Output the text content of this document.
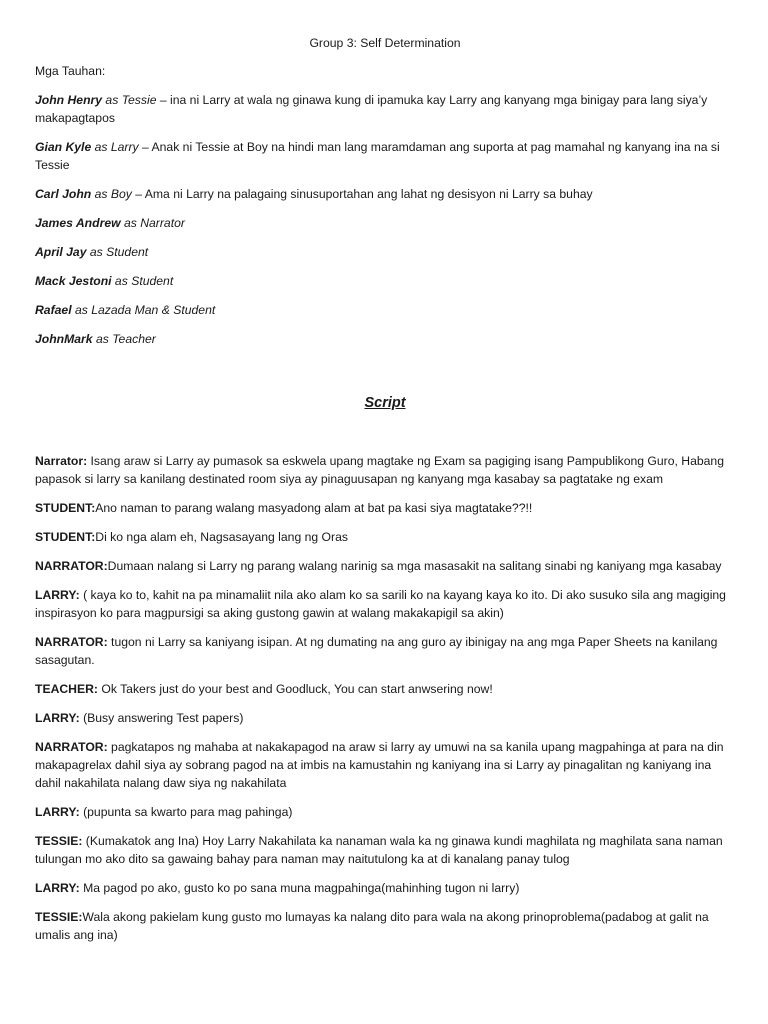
Group 3: Self Determination

Mga Tauhan:

John Henry as Tessie – ina ni Larry at wala ng ginawa kung di ipamuka kay Larry ang kanyang mga binigay para lang siya’y makapagtapos

Gian Kyle as Larry – Anak ni Tessie at Boy na hindi man lang maramdaman ang suporta at pag mamahal ng kanyang ina na si Tessie

Carl John as Boy – Ama ni Larry na palagaing sinusuportahan ang lahat ng desisyon ni Larry sa buhay

James Andrew as Narrator

April Jay as Student

Mack Jestoni as Student

Rafael as Lazada Man & Student

JohnMark as Teacher

Script

Narrator: Isang araw si Larry ay pumasok sa eskwela upang magtake ng Exam sa pagiging isang Pampublikong Guro, Habang papasok si larry sa kanilang destinated room siya ay pinaguusapan ng kanyang mga kasabay sa pagtatake ng exam

STUDENT:Ano naman to parang walang masyadong alam at bat pa kasi siya magtatake??!!

STUDENT:Di ko nga alam eh, Nagsasayang lang ng Oras

NARRATOR:Dumaan nalang si Larry ng parang walang narinig sa mga masasakit na salitang sinabi ng kaniyang mga kasabay

LARRY: ( kaya ko to, kahit na pa minamaliit nila ako alam ko sa sarili ko na kayang kaya ko ito. Di ako susuko sila ang magiging inspirasyon ko para magpursigi sa aking gustong gawin at walang makakapigil sa akin)

NARRATOR: tugon ni Larry sa kaniyang isipan. At ng dumating na ang guro ay ibinigay na ang mga Paper Sheets na kanilang sasagutan.

TEACHER: Ok Takers just do your best and Goodluck, You can start anwsering now!

LARRY: (Busy answering Test papers)

NARRATOR: pagkatapos ng mahaba at nakakapagod na araw si larry ay umuwi na sa kanila upang magpahinga at para na din makapagrelax dahil siya ay sobrang pagod na at imbis na kamustahin ng kaniyang ina si Larry ay pinagalitan ng kaniyang ina dahil nakahilata nalang daw siya ng nakahilata

LARRY: (pupunta sa kwarto para mag pahinga)

TESSIE: (Kumakatok ang Ina) Hoy Larry Nakahilata ka nanaman wala ka ng ginawa kundi maghilata ng maghilata sana naman tulungan mo ako dito sa gawaing bahay para naman may naitutulong ka at di kanalang panay tulog

LARRY: Ma pagod po ako, gusto ko po sana muna magpahinga(mahinhing tugon ni larry)

TESSIE:Wala akong pakielam kung gusto mo lumayas ka nalang dito para wala na akong prinoproblema(padabog at galit na umalis ang ina)
